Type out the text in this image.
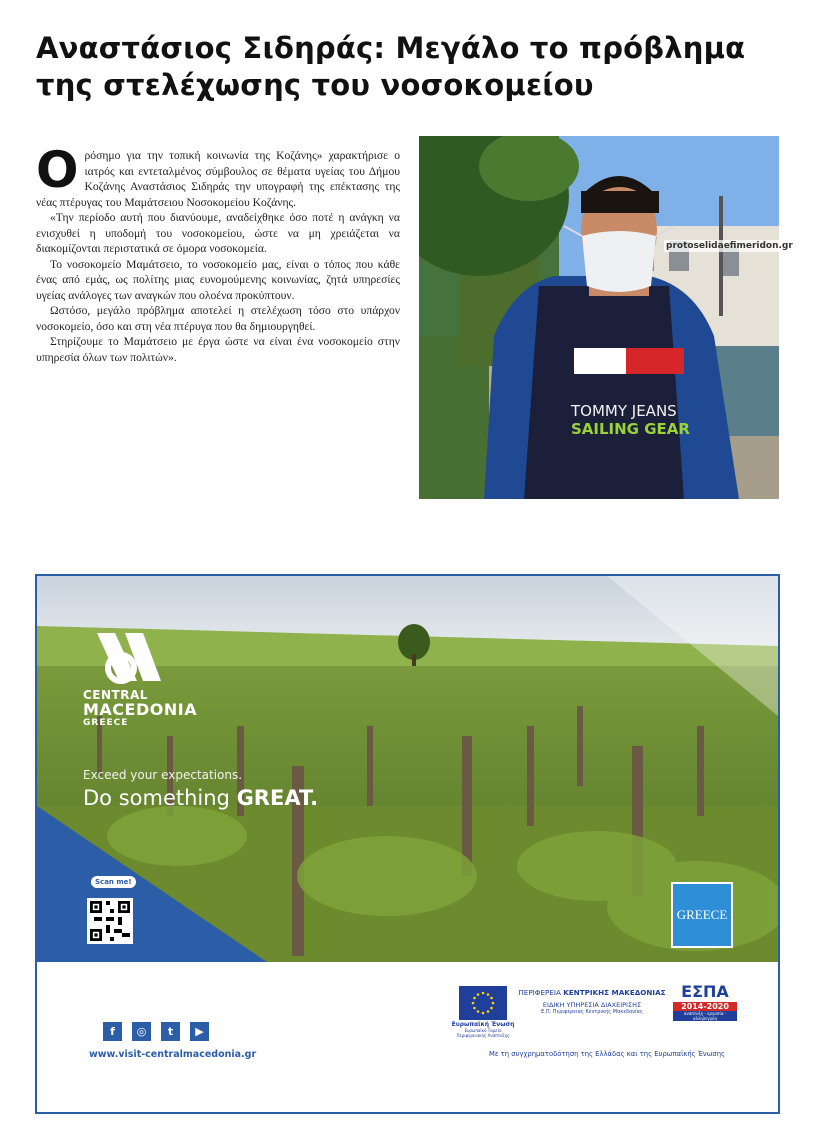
Αναστάσιος Σιδηράς: Μεγάλο το πρόβλημα της στελέχωσης του νοσοκομείου

Ορόσημο για την τοπική κοινωνία της Κοζάνης» χαρακτήρισε ο ιατρός και εντεταλμένος σύμβουλος σε θέματα υγείας του Δήμου Κοζάνης Αναστάσιος Σιδηράς την υπογραφή της επέκτασης της νέας πτέρυγας του Μαμάτσειου Νοσοκομείου Κοζάνης.

«Την περίοδο αυτή που διανύουμε, αναδείχθηκε όσο ποτέ η ανάγκη να ενισχυθεί η υποδομή του νοσοκομείου, ώστε να μη χρειάζεται να διακομίζονται περιστατικά σε όμορα νοσοκομεία.

Το νοσοκομείο Μαμάτσειο, το νοσοκομείο μας, είναι ο τόπος που κάθε ένας από εμάς, ως πολίτης μιας ευνομούμενης κοινωνίας, ζητά υπηρεσίες υγείας ανάλογες των αναγκών που ολοένα προκύπτουν.

Ωστόσο, μεγάλο πρόβλημα αποτελεί η στελέχωση τόσο στο υπάρχον νοσοκομείο, όσο και στη νέα πτέρυγα που θα δημιουργηθεί.

Στηρίζουμε το Μαμάτσειο με έργα ώστε να είναι ένα νοσοκομείο στην υπηρεσία όλων των πολιτών».

TOMMY JEANS
SAILING GEAR
protoselidaefimeridon.gr
CENTRAL
MACEDONIA
GREECE
Exceed your expectations.
Do something GREAT.
Scan me!
GREECE
f	◎	t	▶
www.visit-centralmacedonia.gr
Ευρωπαϊκή Ένωση
Ευρωπαϊκό Ταμείο Περιφερειακής Ανάπτυξης
ΠΕΡΙΦΕΡΕΙΑ ΚΕΝΤΡΙΚΗΣ ΜΑΚΕΔΟΝΙΑΣ
ΕΙΔΙΚΗ ΥΠΗΡΕΣΙΑ ΔΙΑΧΕΙΡΙΣΗΣ
Ε.Π. Περιφέρειας Κεντρικής Μακεδονίας
ΕΣΠΑ
2014-2020
ανάπτυξη - εργασία - αλληλεγγύη
Με τη συγχρηματοδότηση της Ελλάδας και της Ευρωπαϊκής Ένωσης
